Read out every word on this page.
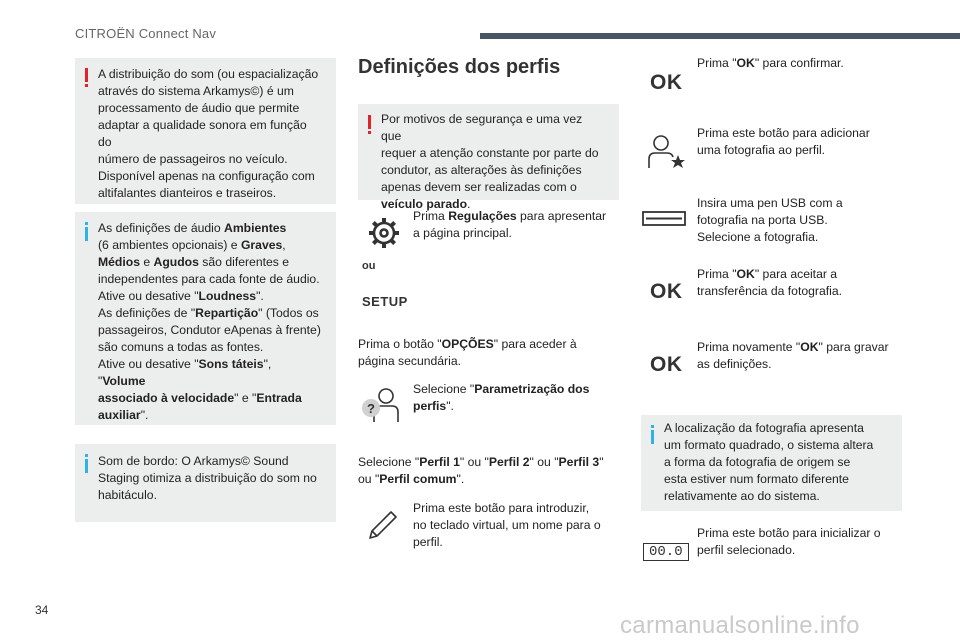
CITROËN Connect Nav
A distribuição do som (ou espacialização
através do sistema Arkamys©) é um
processamento de áudio que permite
adaptar a qualidade sonora em função do
número de passageiros no veículo.
Disponível apenas na configuração com
altifalantes dianteiros e traseiros.
As definições de áudio Ambientes
(6 ambientes opcionais) e Graves,
Médios e Agudos são diferentes e
independentes para cada fonte de áudio.
Ative ou desative "Loudness".
As definições de "Repartição" (Todos os
passageiros, Condutor eApenas à frente)
são comuns a todas as fontes.
Ative ou desative "Sons táteis", "Volume
associado à velocidade" e "Entrada
auxiliar".
Som de bordo: O Arkamys© Sound
Staging otimiza a distribuição do som no
habitáculo.
Definições dos perfis
Por motivos de segurança e uma vez que
requer a atenção constante por parte do
condutor, as alterações às definições
apenas devem ser realizadas com o
veículo parado.
Prima Regulações para apresentar
a página principal.
ou
SETUP
Prima o botão "OPÇÕES" para aceder à
página secundária.
?
Selecione "Parametrização dos
perfis".
Selecione "Perfil 1" ou "Perfil 2" ou "Perfil 3"
ou "Perfil comum".
Prima este botão para introduzir,
no teclado virtual, um nome para o
perfil.
OK
Prima "OK" para confirmar.
Prima este botão para adicionar
uma fotografia ao perfil.
Insira uma pen USB com a
fotografia na porta USB.
Selecione a fotografia.
OK
Prima "OK" para aceitar a
transferência da fotografia.
OK
Prima novamente "OK" para gravar
as definições.
A localização da fotografia apresenta
um formato quadrado, o sistema altera
a forma da fotografia de origem se
esta estiver num formato diferente
relativamente ao do sistema.
00.0
Prima este botão para inicializar o
perfil selecionado.
34
carmanualsonline.info
